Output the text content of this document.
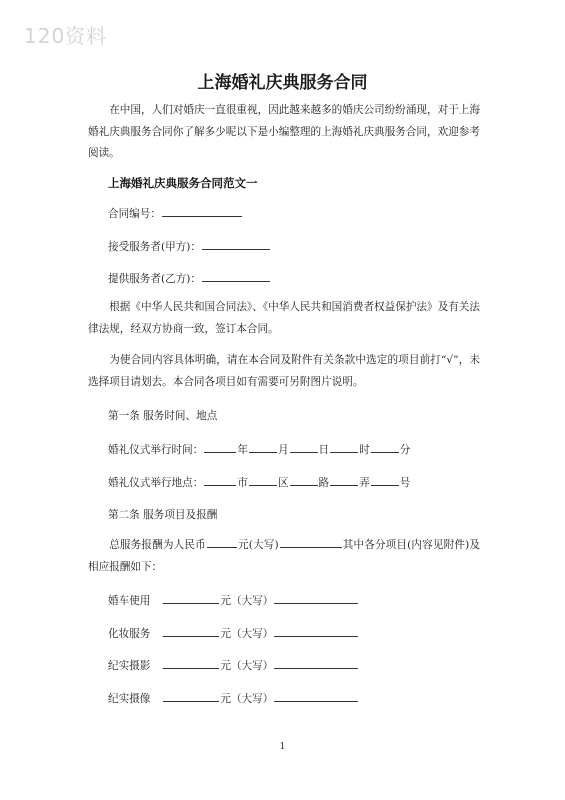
120资料
上海婚礼庆典服务合同
在中国，人们对婚庆一直很重视，因此越来越多的婚庆公司纷纷涌现，对于上海婚礼庆典服务合同你了解多少呢以下是小编整理的上海婚礼庆典服务合同，欢迎参考阅读。
上海婚礼庆典服务合同范文一
合同编号：
接受服务者(甲方)：
提供服务者(乙方)：
根据《中华人民共和国合同法》、《中华人民共和国消费者权益保护法》及有关法律法规，经双方协商一致，签订本合同。
为使合同内容具体明确，请在本合同及附件有关条款中选定的项目前打“√”，未选择项目请划去。本合同各项目如有需要可另附图片说明。
第一条 服务时间、地点
婚礼仪式举行时间：	年	月	日	时	分
婚礼仪式举行地点：	市	区	路	弄	号
第二条 服务项目及报酬
总服务报酬为人民币	元(大写)	其中各分项目(内容见附件)及相应报酬如下：
婚车使用	元（大写）
化妆服务	元（大写）
纪实摄影	元（大写）
纪实摄像	元（大写）
1
